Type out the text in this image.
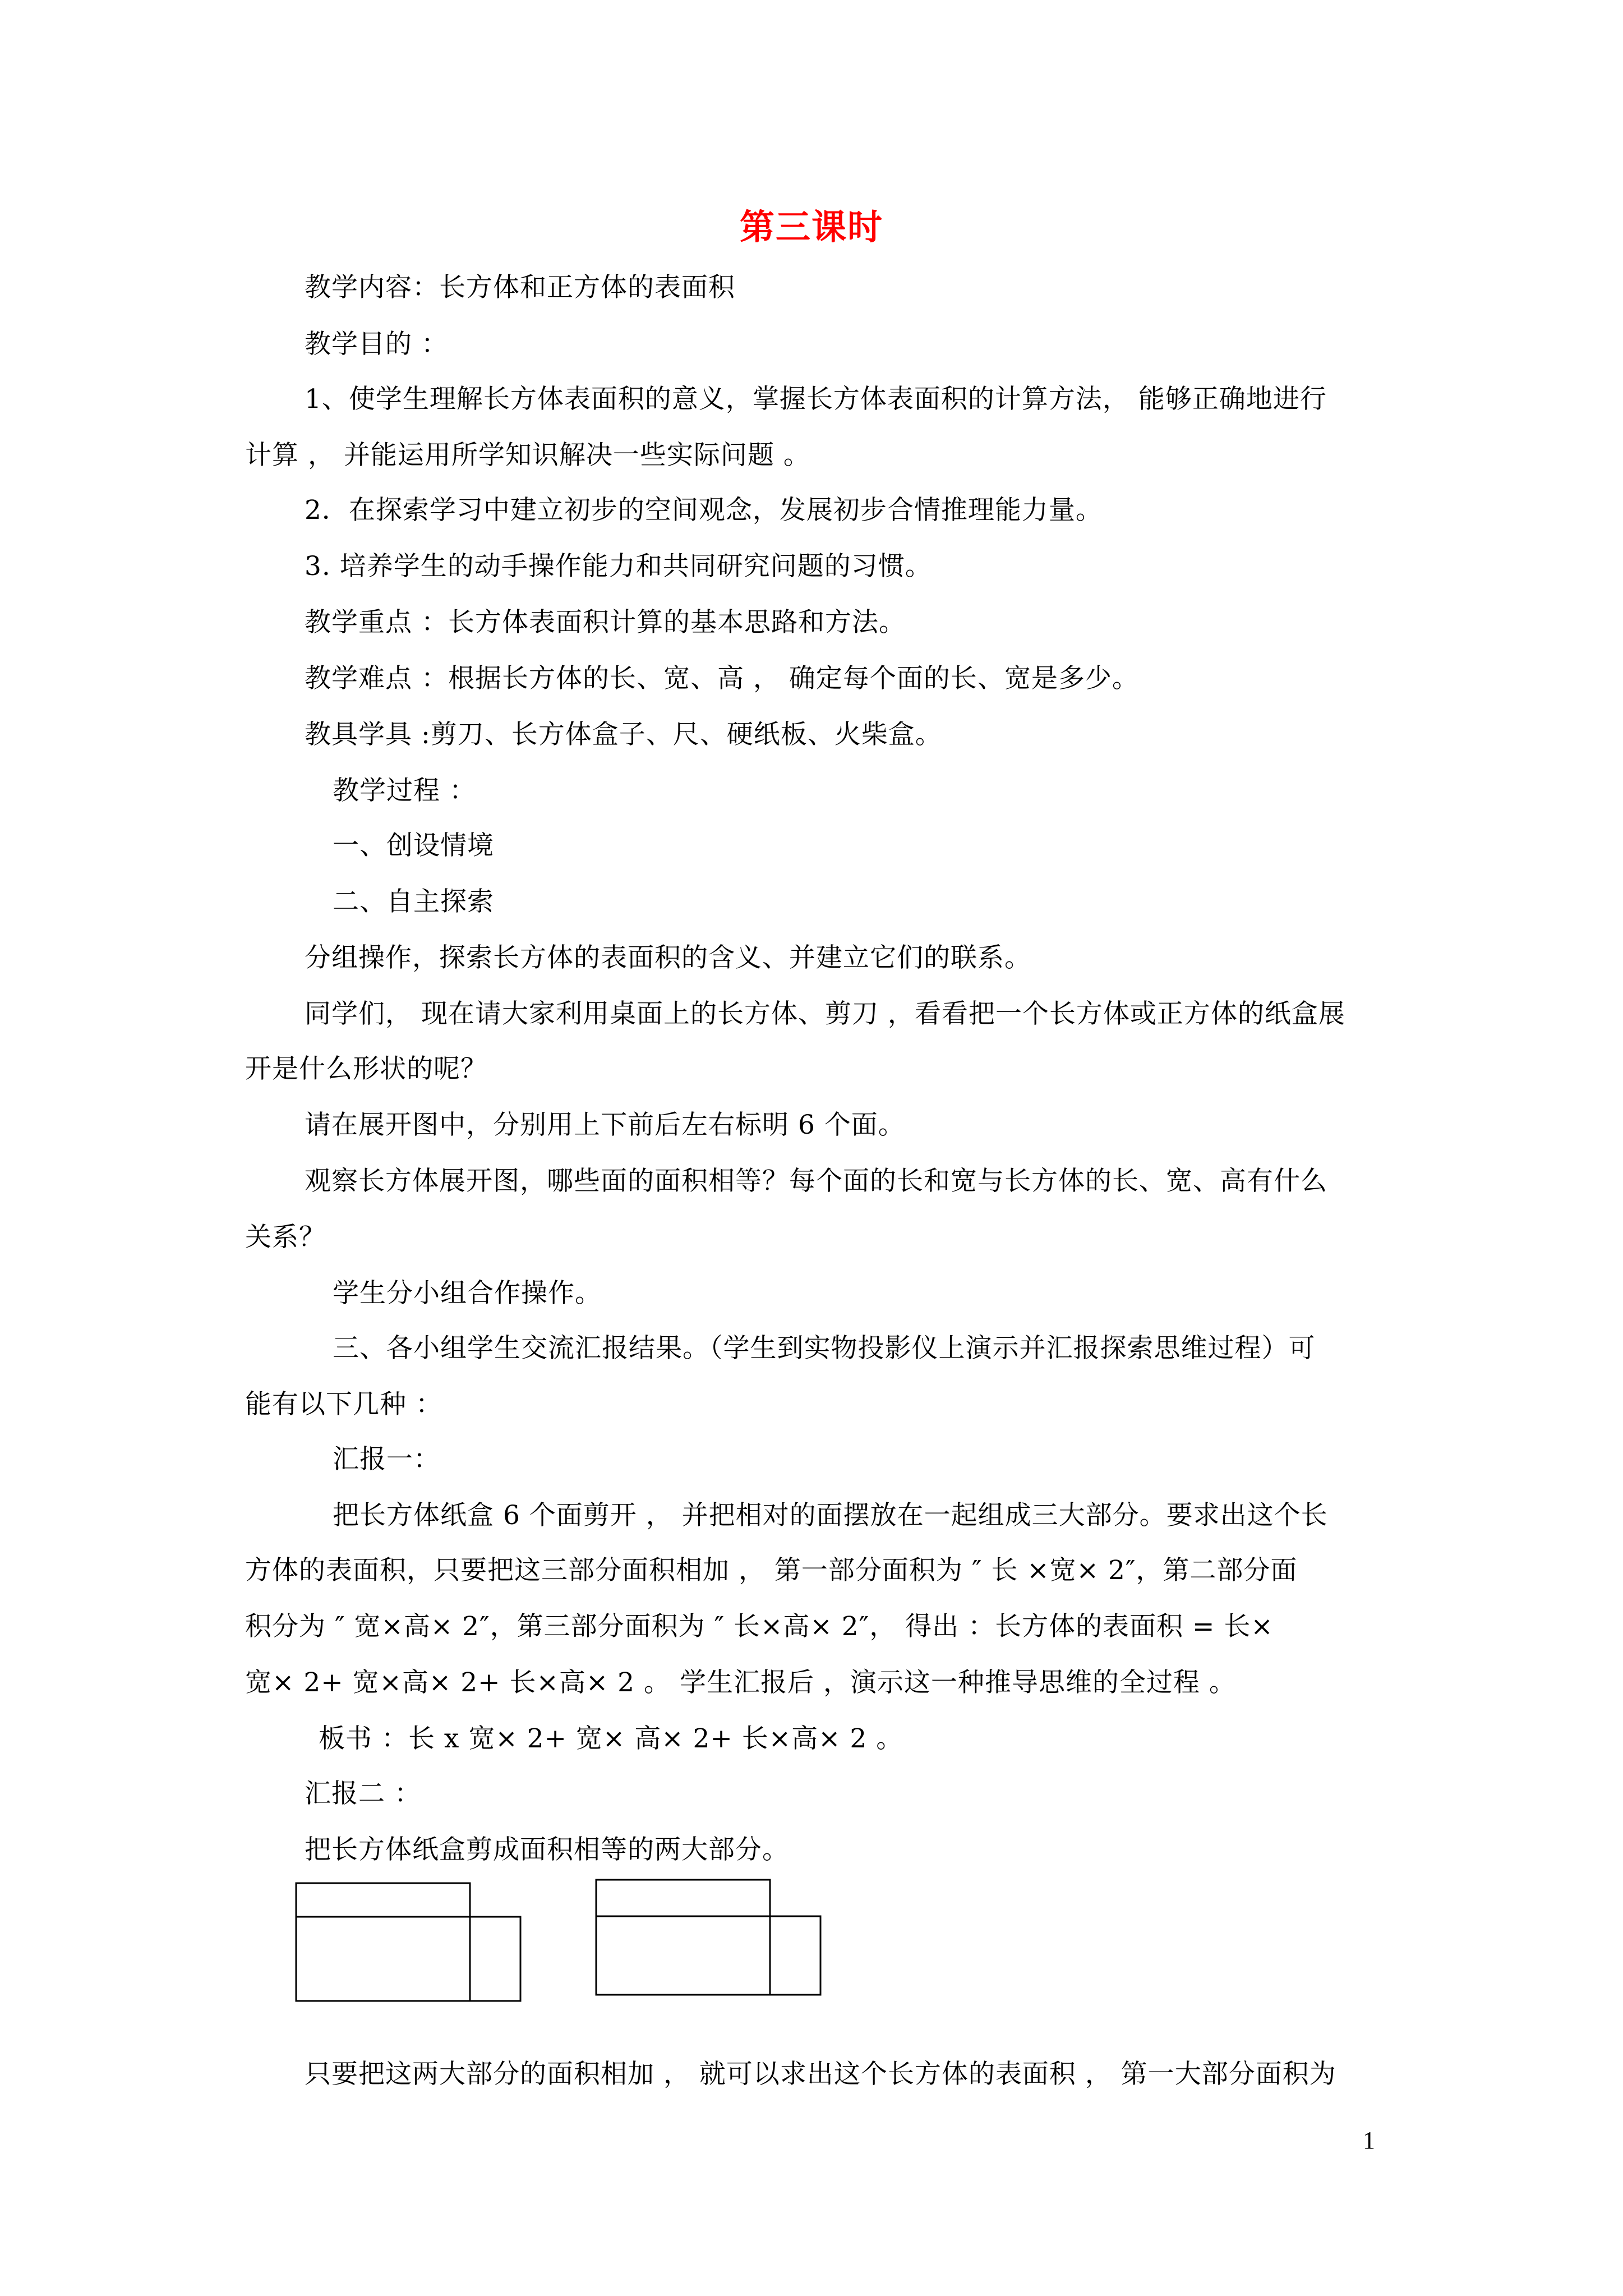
第三课时
教学内容：长方体和正方体的表面积
教学目的 ：
1、使学生理解长方体表面积的意义，掌握长方体表面积的计算方法， 能够正确地进行
计算 ， 并能运用所学知识解决一些实际问题 。
2．在探索学习中建立初步的空间观念，发展初步合情推理能力量。
3. 培养学生的动手操作能力和共同研究问题的习惯。
教学重点 ：长方体表面积计算的基本思路和方法。
教学难点 ：根据长方体的长、宽、高 ， 确定每个面的长、宽是多少。
教具学具 :剪刀、长方体盒子、尺、硬纸板、火柴盒。
教学过程 ：
一、创设情境
二、自主探索
分组操作，探索长方体的表面积的含义、并建立它们的联系。
同学们， 现在请大家利用桌面上的长方体、剪刀 ，看看把一个长方体或正方体的纸盒展
开是什么形状的呢？
请在展开图中，分别用上下前后左右标明 6 个面。
观察长方体展开图，哪些面的面积相等？每个面的长和宽与长方体的长、宽、高有什么
关系？
学生分小组合作操作。
三、各小组学生交流汇报结果。（学生到实物投影仪上演示并汇报探索思维过程）可
能有以下几种 ：
汇报一：
把长方体纸盒 6 个面剪开 ， 并把相对的面摆放在一起组成三大部分。要求出这个长
方体的表面积，只要把这三部分面积相加 ， 第一部分面积为 ″ 长 ×宽× 2″，第二部分面
积分为 ″ 宽×高× 2″，第三部分面积为 ″ 长×高× 2″， 得出 ：长方体的表面积 = 长×
宽× 2+ 宽×高× 2+ 长×高× 2 。 学生汇报后 ，演示这一种推导思维的全过程 。
板书 ：长 x 宽× 2+ 宽× 高× 2+ 长×高× 2 。
汇报二 ：
把长方体纸盒剪成面积相等的两大部分。
只要把这两大部分的面积相加 ， 就可以求出这个长方体的表面积 ， 第一大部分面积为
1
